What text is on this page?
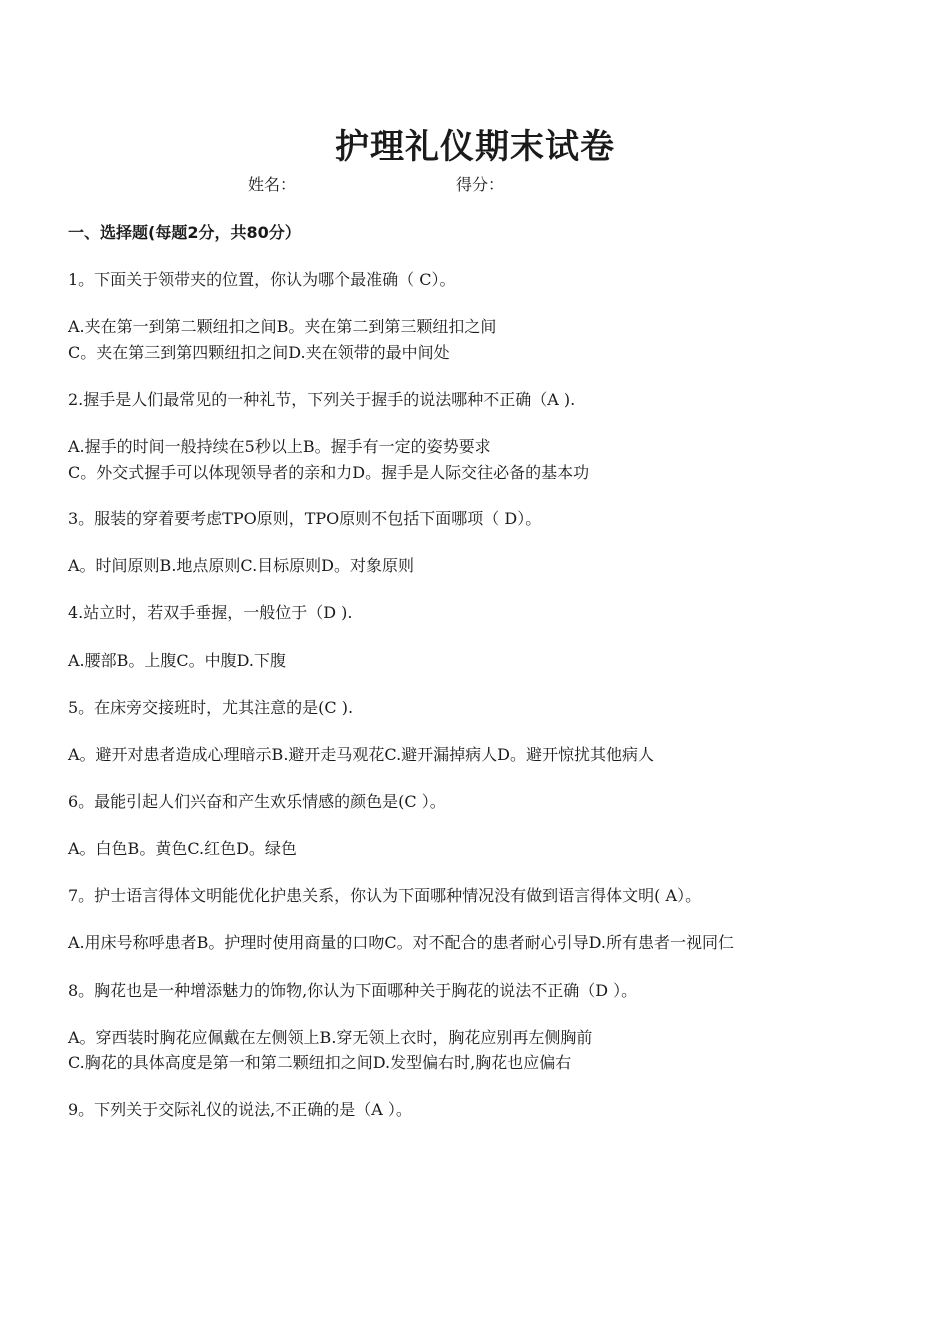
护理礼仪期末试卷
姓名：	得分：
一、选择题(每题2分，共80分）
1。下面关于领带夹的位置，你认为哪个最准确（ C）。
A.夹在第一到第二颗纽扣之间B。夹在第二到第三颗纽扣之间
C。夹在第三到第四颗纽扣之间D.夹在领带的最中间处
2.握手是人们最常见的一种礼节，下列关于握手的说法哪种不正确（A ).
A.握手的时间一般持续在5秒以上B。握手有一定的姿势要求
C。外交式握手可以体现领导者的亲和力D。握手是人际交往必备的基本功
3。服装的穿着要考虑TPO原则，TPO原则不包括下面哪项（ D）。
A。时间原则B.地点原则C.目标原则D。对象原则
4.站立时，若双手垂握，一般位于（D ).
A.腰部B。上腹C。中腹D.下腹
5。在床旁交接班时，尤其注意的是(C ).
A。避开对患者造成心理暗示B.避开走马观花C.避开漏掉病人D。避开惊扰其他病人
6。最能引起人们兴奋和产生欢乐情感的颜色是(C ）。
A。白色B。黄色C.红色D。绿色
7。护士语言得体文明能优化护患关系，你认为下面哪种情况没有做到语言得体文明( A）。
A.用床号称呼患者B。护理时使用商量的口吻C。对不配合的患者耐心引导D.所有患者一视同仁
8。胸花也是一种增添魅力的饰物,你认为下面哪种关于胸花的说法不正确（D ）。
A。穿西装时胸花应佩戴在左侧领上B.穿无领上衣时，胸花应别再左侧胸前
C.胸花的具体高度是第一和第二颗纽扣之间D.发型偏右时,胸花也应偏右
9。下列关于交际礼仪的说法,不正确的是（A ）。
